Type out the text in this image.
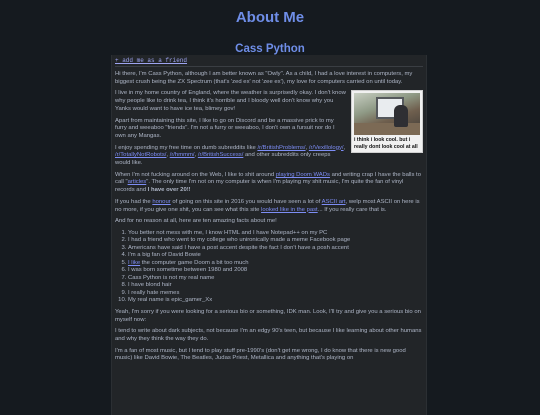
About Me
Cass Python
+ add me as a friend

Hi there, I'm Cass Python, although I am better known as "Owly". As a child, I had a love interest in computers, my biggest crush being the ZX Spectrum (that's 'zed ex' not 'zee ex'), my love for computers carried on until today.

i think i look cool. but i really dont look cool at all

I live in my home country of England, where the weather is surprisedly okay. I don't know why people like to drink tea, I think it's horrible and I bloody well don't know why you Yanks would want to have ice tea, blimey gov!

Apart from maintaining this site, I like to go on Discord and be a massive prick to my furry and weeaboo "friends". I'm not a furry or weeaboo, I don't own a fursuit nor do I own any Mangas.

I enjoy spending my free time on dumb subreddits like /r/BritishProblems/, /r/Vexillology/, /r/TotallyNotRobots/, /r/hmmm/, /r/BritishSuccess/ and other subreddits only creeps would like.

When I'm not fucking around on the Web, I like to shit around playing Doom WADs and writing crap I have the balls to call "articles". The only time I'm not on my computer is when I'm playing my shit music, I'm quite the fan of vinyl records and I have over 20!!

If you had the honour of going on this site in 2016 you would have seen a lot of ASCII art, welp most ASCII on here is no more, if you give one shit, you can see what this site looked like in the past... If you really care that is.

And for no reason at all, here are ten amazing facts about me!

1. You better not mess with me, I know HTML and I have Notepad++ on my PC
2. I had a friend who went to my college who unironically made a meme Facebook page
3. Americans have said I have a post accent despite the fact I don't have a posh accent
4. I'm a big fan of David Bowie
5. I like the computer game Doom a bit too much
6. I was born sometime between 1980 and 2008
7. Cass Python is not my real name
8. I have blond hair
9. I really hate memes
10. My real name is epic_gamer_Xx

Yeah, I'm sorry if you were looking for a serious bio or something, IDK man. Look, I'll try and give you a serious bio on myself now:

I tend to write about dark subjects, not because I'm an edgy 90's teen, but because I like learning about other humans and why they think the way they do.

I'm a fan of most music, but I tend to play stuff pre-1990's (don't get me wrong, I do know that there is new good music) like David Bowie, The Beatles, Judas Priest, Metallica and anything that's playing on
